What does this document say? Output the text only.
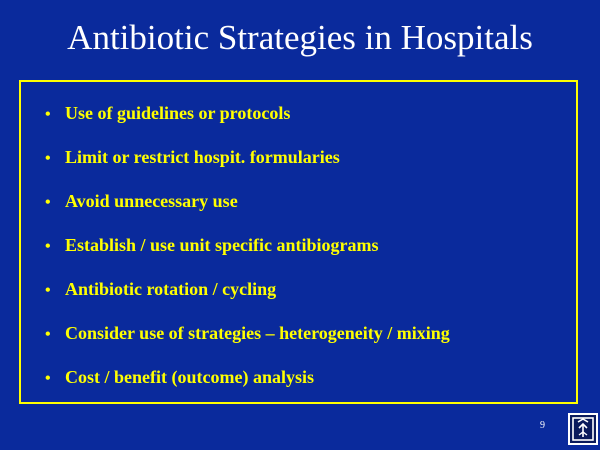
Antibiotic Strategies in Hospitals
• Use of guidelines or protocols
• Limit or restrict hospit. formularies
• Avoid unnecessary use
• Establish / use unit specific antibiograms
• Antibiotic rotation / cycling
• Consider use of strategies – heterogeneity / mixing
• Cost / benefit (outcome) analysis
9
